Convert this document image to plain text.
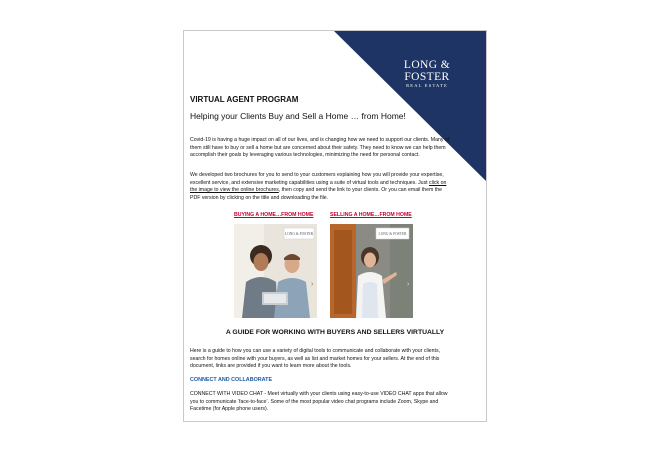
LONG & FOSTER
REAL ESTATE
VIRTUAL AGENT PROGRAM
Helping your Clients Buy and Sell a Home … from Home!
Covid-19 is having a huge impact on all of our lives, and is changing how we need to support our clients. Many of them still have to buy or sell a home but are concerned about their safety. They need to know we can help them accomplish their goals by leveraging various technologies, minimizing the need for personal contact.
We developed two brochures for you to send to your customers explaining how you will provide your expertise, excellent service, and extensive marketing capabilities using a suite of virtual tools and techniques. Just click on the image to view the online brochures, then copy and send the link to your clients. Or you can email them the PDF version by clicking on the title and downloading the file.
BUYING A HOME…FROM HOME	SELLING A HOME…FROM HOME
LONG & FOSTER
›
LONG & FOSTER
›
A GUIDE FOR WORKING WITH BUYERS AND SELLERS VIRTUALLY
Here is a guide to how you can use a variety of digital tools to communicate and collaborate with your clients, search for homes online with your buyers, as well as list and market homes for your sellers. At the end of this document, links are provided if you want to learn more about the tools.
CONNECT AND COLLABORATE
CONNECT WITH VIDEO CHAT - Meet virtually with your clients using easy-to-use VIDEO CHAT apps that allow you to communicate ‘face-to-face’. Some of the most popular video chat programs include Zoom, Skype and Facetime (for Apple phone users).
